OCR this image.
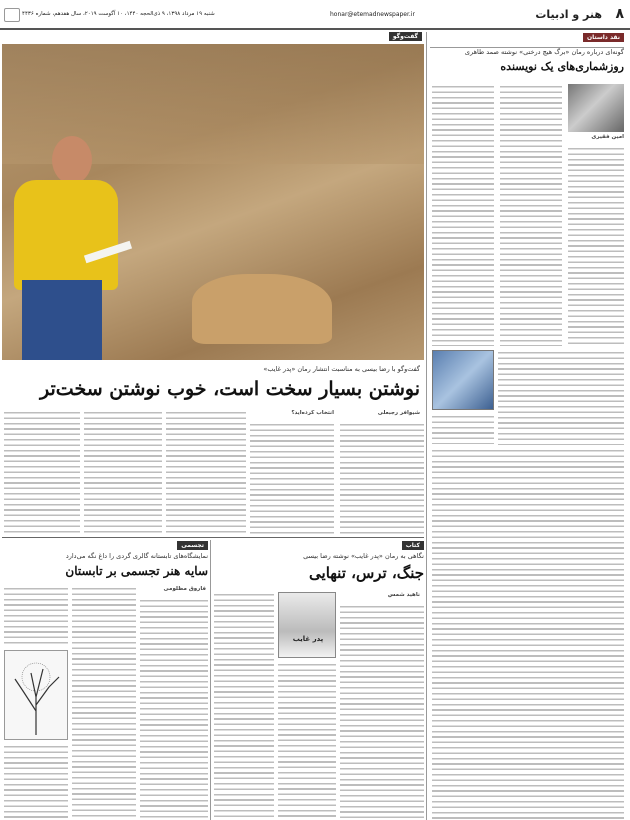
۸
هنر و ادبیات
honar@etemadnewspaper.ir
شنبه ۱۹ مرداد ۱۳۹۸، ۹ ذی‌الحجه ۱۴۴۰، ۱۰ آگوست ۲۰۱۹، سال هفدهم، شماره ۴۴۳۶
نقد داستان
گونه‌ای درباره رمان «برگ هیچ درختی» نوشته صمد طاهری
روزشماری‌های یک نویسنده
امین فقیری
گفت‌وگو
گفت‌وگو با رضا بیسی به مناسبت انتشار رمان «پدر غایب»
نوشتن بسیار سخت است، خوب نوشتن سخت‌تر
شیوافر رجبعلی
انتخاب کرده‌اید؟
کتاب
نگاهی به رمان «پدر غایب» نوشته رضا بیسی
جنگ، ترس، تنهایی
ناهید شمس
پدر غایب
تجسمی
نمایشگاه‌های تابستانه گالری گردی را داغ نگه می‌دارد
سایه هنر تجسمی بر تابستان
فاروق مظلومی
